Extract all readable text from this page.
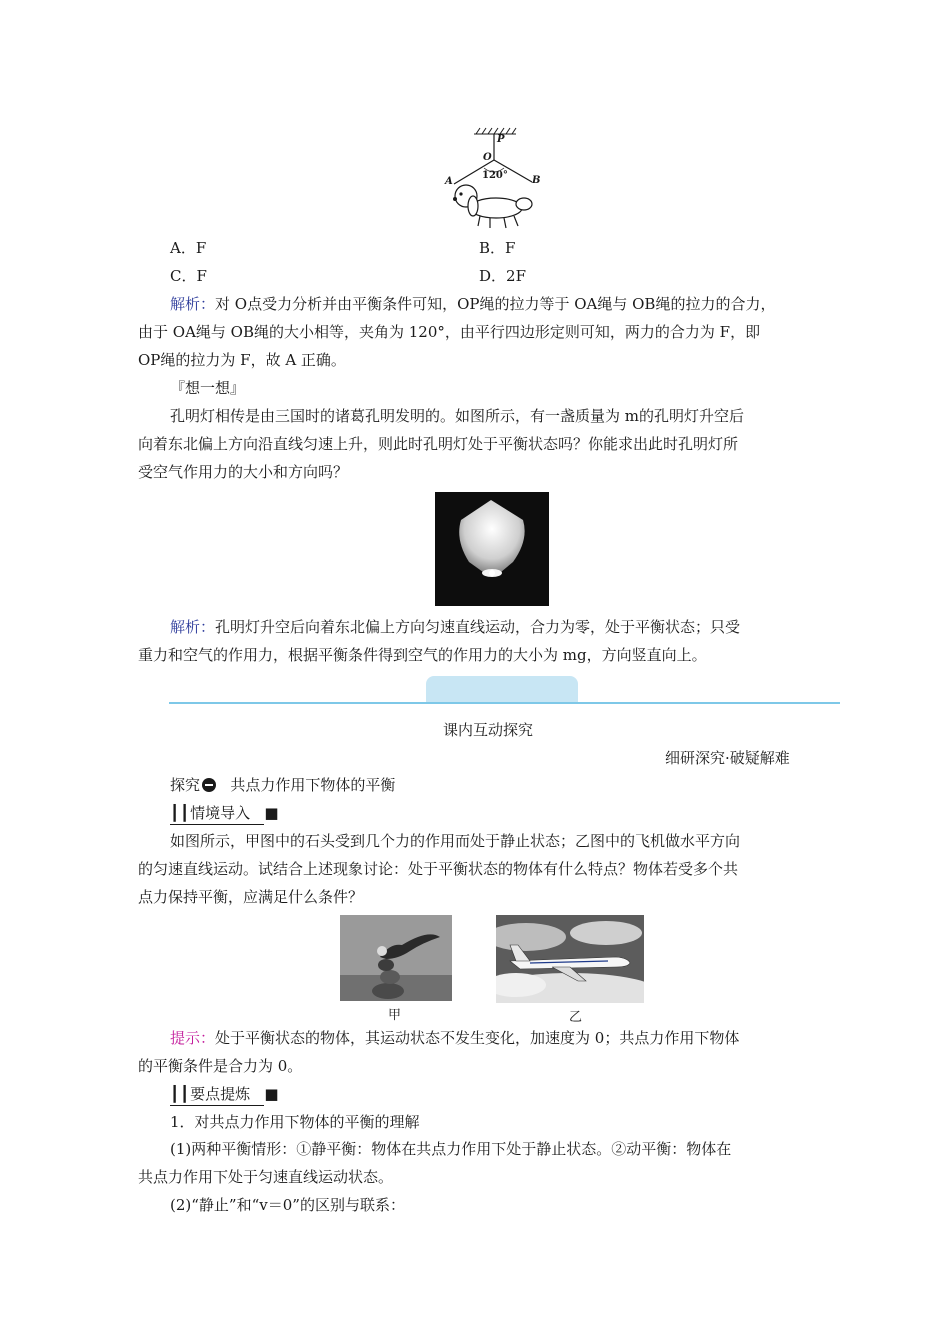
P
O
A	B
120°
A．F	B．F
C．F	D．2F
解析：对 O点受力分析并由平衡条件可知，OP绳的拉力等于 OA绳与 OB绳的拉力的合力，
由于 OA绳与 OB绳的大小相等，夹角为 120°，由平行四边形定则可知，两力的合力为 F，即
OP绳的拉力为 F，故 A 正确。
『想一想』
孔明灯相传是由三国时的诸葛孔明发明的。如图所示，有一盏质量为 m的孔明灯升空后
向着东北偏上方向沿直线匀速上升，则此时孔明灯处于平衡状态吗？你能求出此时孔明灯所
受空气作用力的大小和方向吗？
解析：孔明灯升空后向着东北偏上方向匀速直线运动，合力为零，处于平衡状态；只受
重力和空气的作用力，根据平衡条件得到空气的作用力的大小为 mg，方向竖直向上。
课内互动探究
细研深究·破疑解难
探究 共点力作用下物体的平衡
┃┃情境导入 ■
如图所示，甲图中的石头受到几个力的作用而处于静止状态；乙图中的飞机做水平方向
的匀速直线运动。试结合上述现象讨论：处于平衡状态的物体有什么特点？物体若受多个共
点力保持平衡，应满足什么条件？
甲	乙
提示：处于平衡状态的物体，其运动状态不发生变化，加速度为 0；共点力作用下物体
的平衡条件是合力为 0。
┃┃要点提炼 ■
1．对共点力作用下物体的平衡的理解
(1)两种平衡情形：①静平衡：物体在共点力作用下处于静止状态。②动平衡：物体在
共点力作用下处于匀速直线运动状态。
(2)“静止”和“v＝0”的区别与联系：
